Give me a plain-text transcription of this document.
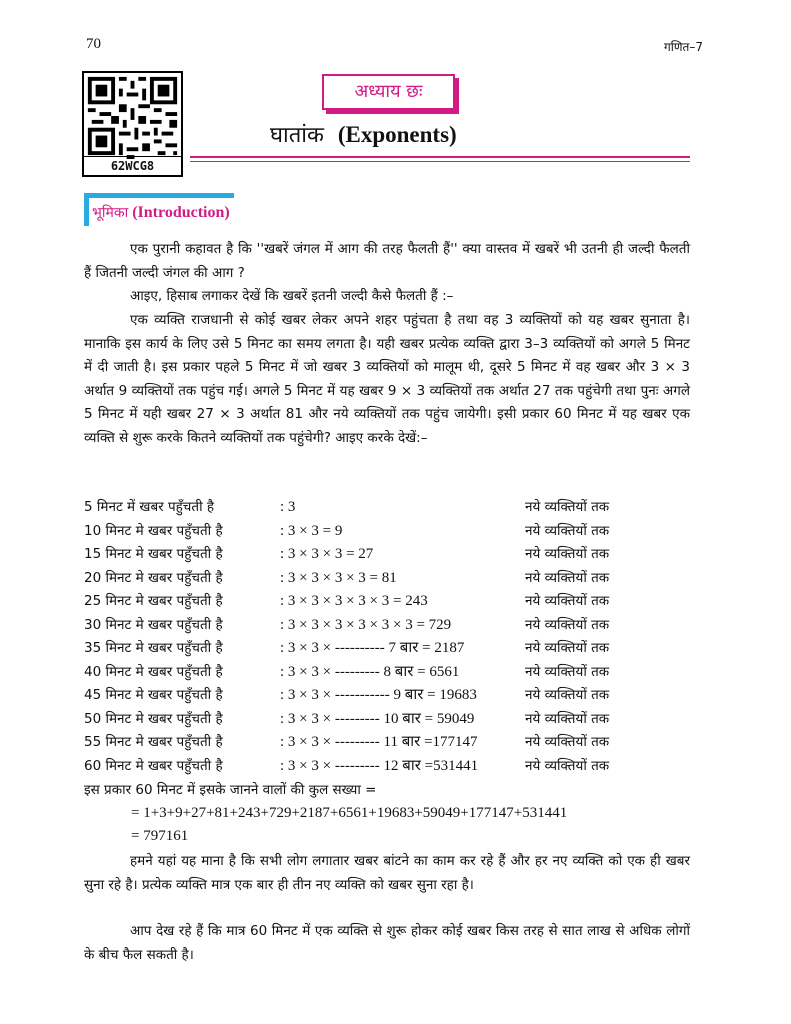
70	गणित–7
62WCG8
अध्याय छः
घातांक (Exponents)
भूमिका (Introduction)
एक पुरानी कहावत है कि ''खबरें जंगल में आग की तरह फैलती हैं'' क्या वास्तव में खबरें भी उतनी ही जल्दी फैलती हैं जितनी जल्दी जंगल की आग ?
आइए, हिसाब लगाकर देखें कि खबरें इतनी जल्दी कैसे फैलती हैं :–
एक व्यक्ति राजधानी से कोई खबर लेकर अपने शहर पहुंचता है तथा वह 3 व्यक्तियों को यह खबर सुनाता है। मानाकि इस कार्य के लिए उसे 5 मिनट का समय लगता है। यही खबर प्रत्येक व्यक्ति द्वारा 3–3 व्यक्तियों को अगले 5 मिनट में दी जाती है। इस प्रकार पहले 5 मिनट में जो खबर 3 व्यक्तियों को मालूम थी, दूसरे 5 मिनट में वह खबर और 3 × 3 अर्थात 9 व्यक्तियों तक पहुंच गई। अगले 5 मिनट में यह खबर 9 × 3 व्यक्तियों तक अर्थात 27 तक पहुंचेगी तथा पुनः अगले 5 मिनट में यही खबर 27 × 3 अर्थात 81 और नये व्यक्तियों तक पहुंच जायेगी। इसी प्रकार 60 मिनट में यह खबर एक व्यक्ति से शुरू करके कितने व्यक्तियों तक पहुंचेगी? आइए करके देखें:–
5 मिनट में खबर पहुँचती है	: 3	नये व्यक्तियों तक
10 मिनट मे खबर पहुँचती है	: 3 × 3 = 9	नये व्यक्तियों तक
15 मिनट मे खबर पहुँचती है	: 3 × 3 × 3 = 27	नये व्यक्तियों तक
20 मिनट मे खबर पहुँचती है	: 3 × 3 × 3 × 3 = 81	नये व्यक्तियों तक
25 मिनट मे खबर पहुँचती है	: 3 × 3 × 3 × 3 × 3 = 243	नये व्यक्तियों तक
30 मिनट मे खबर पहुँचती है	: 3 × 3 × 3 × 3 × 3 × 3 = 729	नये व्यक्तियों तक
35 मिनट मे खबर पहुँचती है	: 3 × 3 × ---------- 7 बार = 2187	नये व्यक्तियों तक
40 मिनट मे खबर पहुँचती है	: 3 × 3 × --------- 8 बार = 6561	नये व्यक्तियों तक
45 मिनट मे खबर पहुँचती है	: 3 × 3 × ----------- 9 बार = 19683	नये व्यक्तियों तक
50 मिनट मे खबर पहुँचती है	: 3 × 3 × --------- 10 बार = 59049	नये व्यक्तियों तक
55 मिनट मे खबर पहुँचती है	: 3 × 3 × --------- 11 बार =177147	नये व्यक्तियों तक
60 मिनट मे खबर पहुँचती है	: 3 × 3 × --------- 12 बार =531441	नये व्यक्तियों तक
इस प्रकार 60 मिनट में इसके जानने वालों की कुल सख्या =
= 1+3+9+27+81+243+729+2187+6561+19683+59049+177147+531441
= 797161
हमने यहां यह माना है कि सभी लोग लगातार खबर बांटने का काम कर रहे हैं और हर नए व्यक्ति को एक ही खबर सुना रहे है। प्रत्येक व्यक्ति मात्र एक बार ही तीन नए व्यक्ति को खबर सुना रहा है।
आप देख रहे हैं कि मात्र 60 मिनट में एक व्यक्ति से शुरू होकर कोई खबर किस तरह से सात लाख से अधिक लोगों के बीच फैल सकती है।
